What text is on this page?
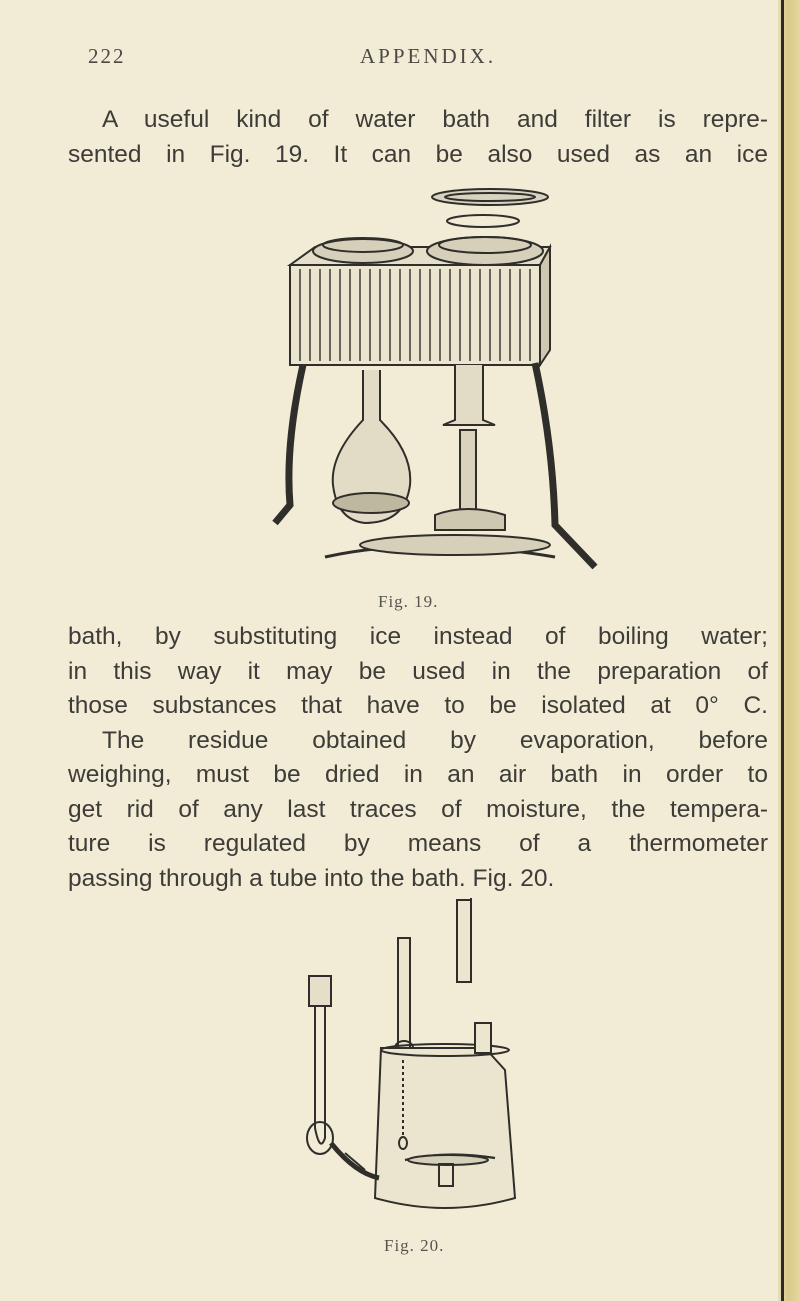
222	APPENDIX.
A useful kind of water bath and filter is repre-
sented in Fig. 19. It can be also used as an ice
Fig. 19.
bath, by substituting ice instead of boiling water;
in this way it may be used in the preparation of
those substances that have to be isolated at 0° C.
The residue obtained by evaporation, before
weighing, must be dried in an air bath in order to
get rid of any last traces of moisture, the tempera-
ture is regulated by means of a thermometer
passing through a tube into the bath. Fig. 20.
Fig. 20.
